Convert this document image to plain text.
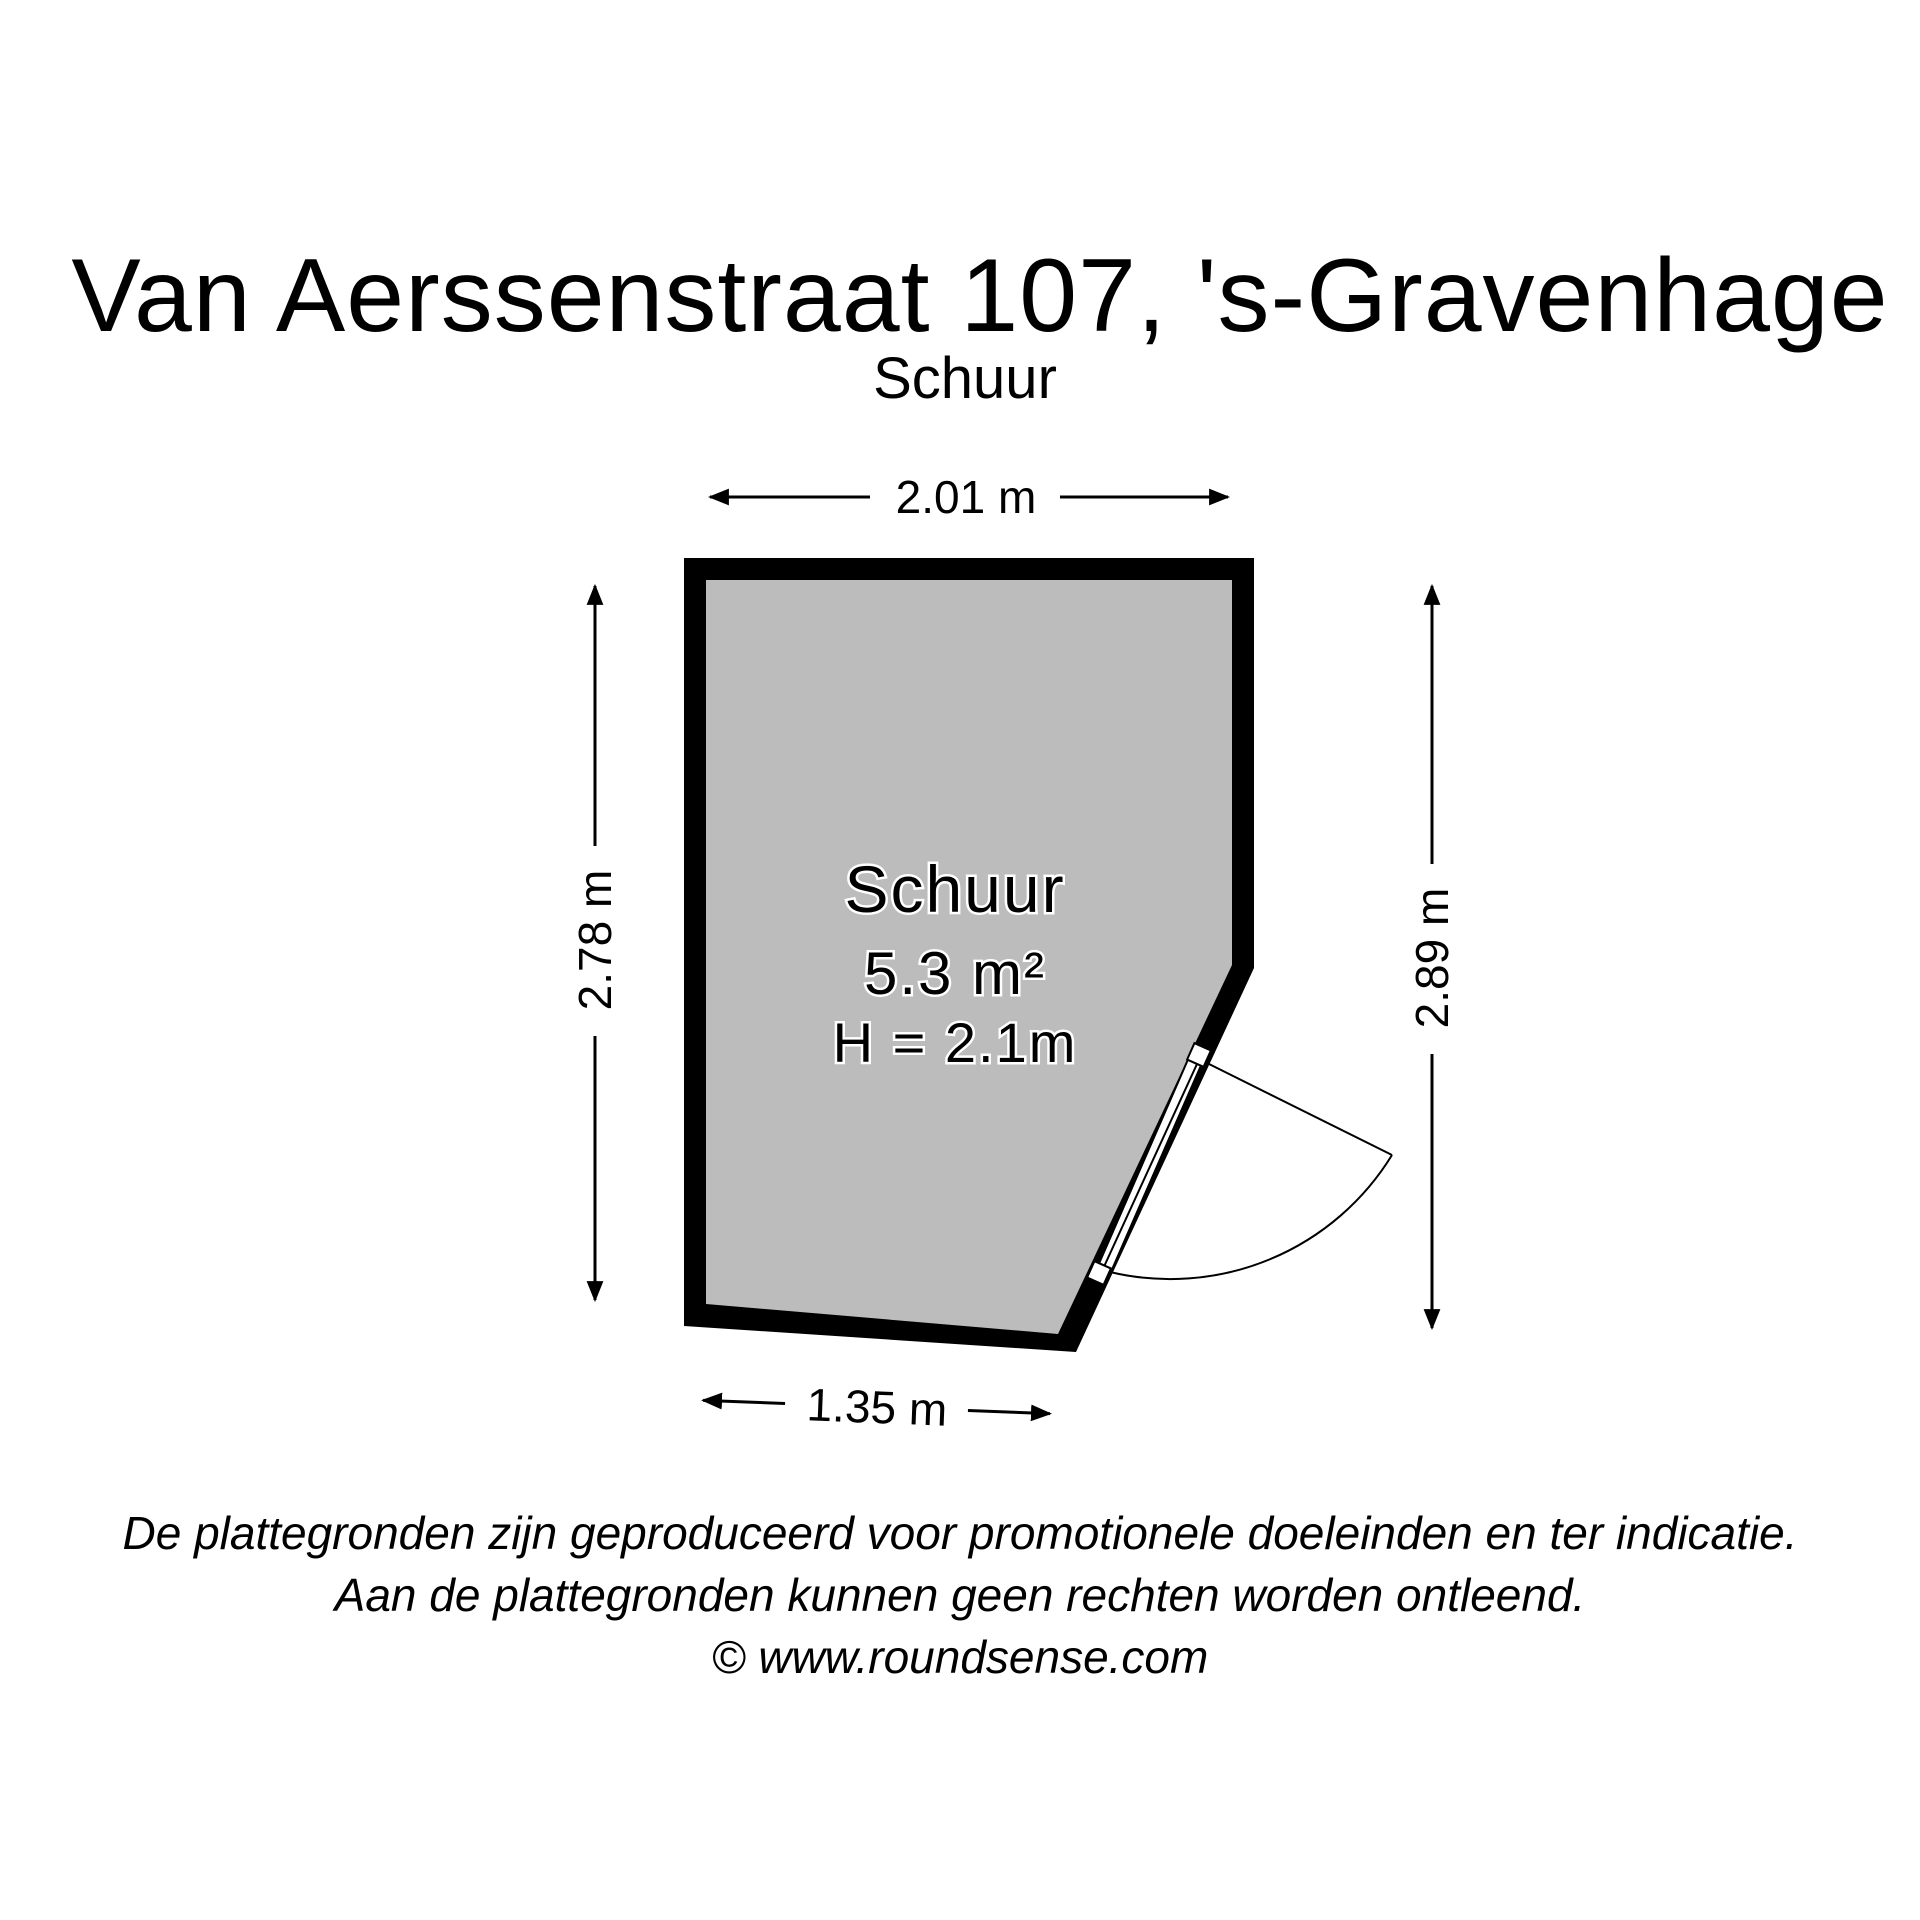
Van Aerssenstraat 107, 's-Gravenhage
Schuur
Schuur
5.3 m²
H = 2.1m
2.01 m
2.78 m	2.89 m
1.35 m
De plattegronden zijn geproduceerd voor promotionele doeleinden en ter indicatie.
Aan de plattegronden kunnen geen rechten worden ontleend.
© www.roundsense.com
